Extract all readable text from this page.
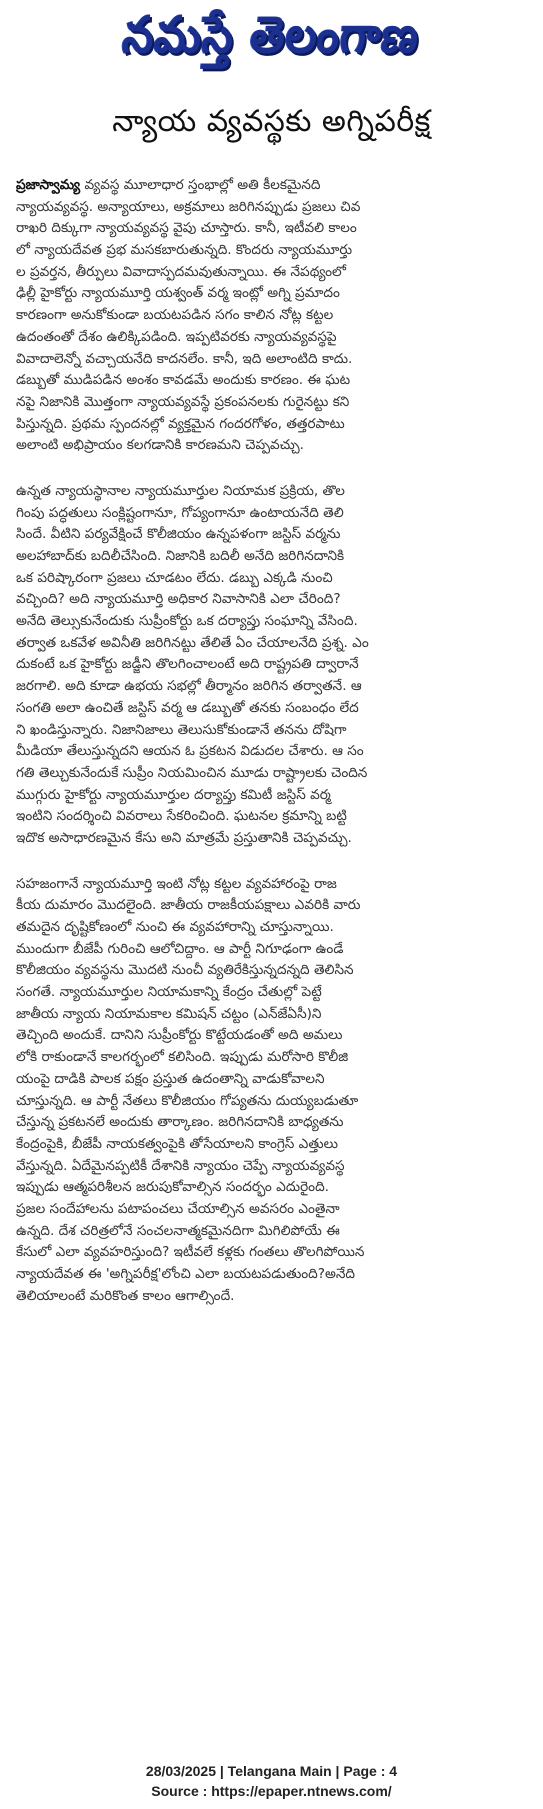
నమస్తే తెలంగాణ
న్యాయ వ్యవస్థకు అగ్నిపరీక్ష
ప్రజాస్వామ్య వ్యవస్థ మూలాధార స్తంభాల్లో అతి కీలకమైనది
న్యాయవ్యవస్థ. అన్యాయాలు, అక్రమాలు జరిగినప్పుడు ప్రజలు చివ
రాఖరి దిక్కుగా న్యాయవ్యవస్థ వైపు చూస్తారు. కానీ, ఇటీవలి కాలం
లో న్యాయదేవత ప్రభ మసకబారుతున్నది. కొందరు న్యాయమూర్తు
ల ప్రవర్తన, తీర్పులు వివాదాస్పదమవుతున్నాయి. ఈ నేపథ్యంలో
ఢిల్లీ హైకోర్టు న్యాయమూర్తి యశ్వంత్ వర్మ ఇంట్లో అగ్ని ప్రమాదం
కారణంగా అనుకోకుండా బయటపడిన సగం కాలిన నోట్ల కట్టల
ఉదంతంతో దేశం ఉలిక్కిపడింది. ఇప్పటివరకు న్యాయవ్యవస్థపై
వివాదాలెన్నో వచ్చాయనేది కాదనలేం. కానీ, ఇది అలాంటిది కాదు.
డబ్బుతో ముడిపడిన అంశం కావడమే అందుకు కారణం. ఈ ఘట
నపై నిజానికి మొత్తంగా న్యాయవ్యవస్థే ప్రకంపనలకు గురైనట్టు కని
పిస్తున్నది. ప్రథమ స్పందనల్లో వ్యక్తమైన గందరగోళం, తత్తరపాటు
అలాంటి అభిప్రాయం కలగడానికి కారణమని చెప్పవచ్చు.
ఉన్నత న్యాయస్థానాల న్యాయమూర్తుల నియామక ప్రక్రియ, తొల
గింపు పద్ధతులు సంక్లిష్టంగానూ, గోప్యంగానూ ఉంటాయనేది తెలి
సిందే. వీటిని పర్యవేక్షించే కొలీజియం ఉన్నపళంగా జస్టిస్ వర్మను
అలహాబాద్‌కు బదిలీచేసింది. నిజానికి బదిలీ అనేది జరిగినదానికి
ఒక పరిష్కారంగా ప్రజలు చూడటం లేదు. డబ్బు ఎక్కడి నుంచి
వచ్చింది? అది న్యాయమూర్తి అధికార నివాసానికి ఎలా చేరింది?
అనేది తెల్సుకునేందుకు సుప్రీంకోర్టు ఒక దర్యాప్తు సంఘాన్ని వేసింది.
తర్వాత ఒకవేళ అవినీతి జరిగినట్టు తేలితే ఏం చేయాలనేది ప్రశ్న. ఎం
దుకంటే ఒక హైకోర్టు జడ్జీని తొలగించాలంటే అది రాష్ట్రపతి ద్వారానే
జరగాలి. అది కూడా ఉభయ సభల్లో తీర్మానం జరిగిన తర్వాతనే. ఆ
సంగతి అలా ఉంచితే జస్టిస్ వర్మ ఆ డబ్బుతో తనకు సంబంధం లేద
ని ఖండిస్తున్నారు. నిజానిజాలు తెలుసుకోకుండానే తనను దోషిగా
మీడియా తేలుస్తున్నదని ఆయన ఓ ప్రకటన విడుదల చేశారు. ఆ సం
గతి తెల్చుకునేందుకే సుప్రీం నియమించిన మూడు రాష్ట్రాలకు చెందిన
ముగ్గురు హైకోర్టు న్యాయమూర్తుల దర్యాప్తు కమిటీ జస్టిస్ వర్మ
ఇంటిని సందర్శించి వివరాలు సేకరించింది. ఘటనల క్రమాన్ని బట్టి
ఇదొక అసాధారణమైన కేసు అని మాత్రమే ప్రస్తుతానికి చెప్పవచ్చు.
సహజంగానే న్యాయమూర్తి ఇంటి నోట్ల కట్టల వ్యవహారంపై రాజ
కీయ దుమారం మొదలైంది. జాతీయ రాజకీయపక్షాలు ఎవరికి వారు
తమదైన దృష్టికోణంలో నుంచి ఈ వ్యవహారాన్ని చూస్తున్నాయి.
ముందుగా బీజేపీ గురించి ఆలోచిద్దాం. ఆ పార్టీ నిగూఢంగా ఉండే
కొలీజియం వ్యవస్థను మొదటి నుంచీ వ్యతిరేకిస్తున్నదన్నది తెలిసిన
సంగతే. న్యాయమూర్తుల నియామకాన్ని కేంద్రం చేతుల్లో పెట్టే
జాతీయ న్యాయ నియామకాల కమిషన్ చట్టం (ఎన్‌జేఏసీ)ని
తెచ్చింది అందుకే. దానిని సుప్రీంకోర్టు కొట్టేయడంతో అది అమలు
లోకి రాకుండానే కాలగర్భంలో కలిసింది. ఇప్పుడు మరోసారి కొలీజి
యంపై దాడికి పాలక పక్షం ప్రస్తుత ఉదంతాన్ని వాడుకోవాలని
చూస్తున్నది. ఆ పార్టీ నేతలు కొలీజియం గోప్యతను దుయ్యబడుతూ
చేస్తున్న ప్రకటనలే అందుకు తార్కాణం. జరిగినదానికి బాధ్యతను
కేంద్రంపైకి, బీజేపీ నాయకత్వంపైకి తోసేయాలని కాంగ్రెస్ ఎత్తులు
వేస్తున్నది. ఏదేమైనప్పటికీ దేశానికి న్యాయం చెప్పే న్యాయవ్యవస్థ
ఇప్పుడు ఆత్మపరిశీలన జరుపుకోవాల్సిన సందర్భం ఎదురైంది.
ప్రజల సందేహాలను పటాపంచలు చేయాల్సిన అవసరం ఎంతైనా
ఉన్నది. దేశ చరిత్రలోనే సంచలనాత్మకమైనదిగా మిగిలిపోయే ఈ
కేసులో ఎలా వ్యవహరిస్తుంది? ఇటీవలే కళ్లకు గంతలు తొలగిపోయిన
న్యాయదేవత ఈ 'అగ్నిపరీక్ష'లోంచి ఎలా బయటపడుతుంది?అనేది
తెలియాలంటే మరికొంత కాలం ఆగాల్సిందే.
28/03/2025 | Telangana Main | Page : 4
Source : https://epaper.ntnews.com/
